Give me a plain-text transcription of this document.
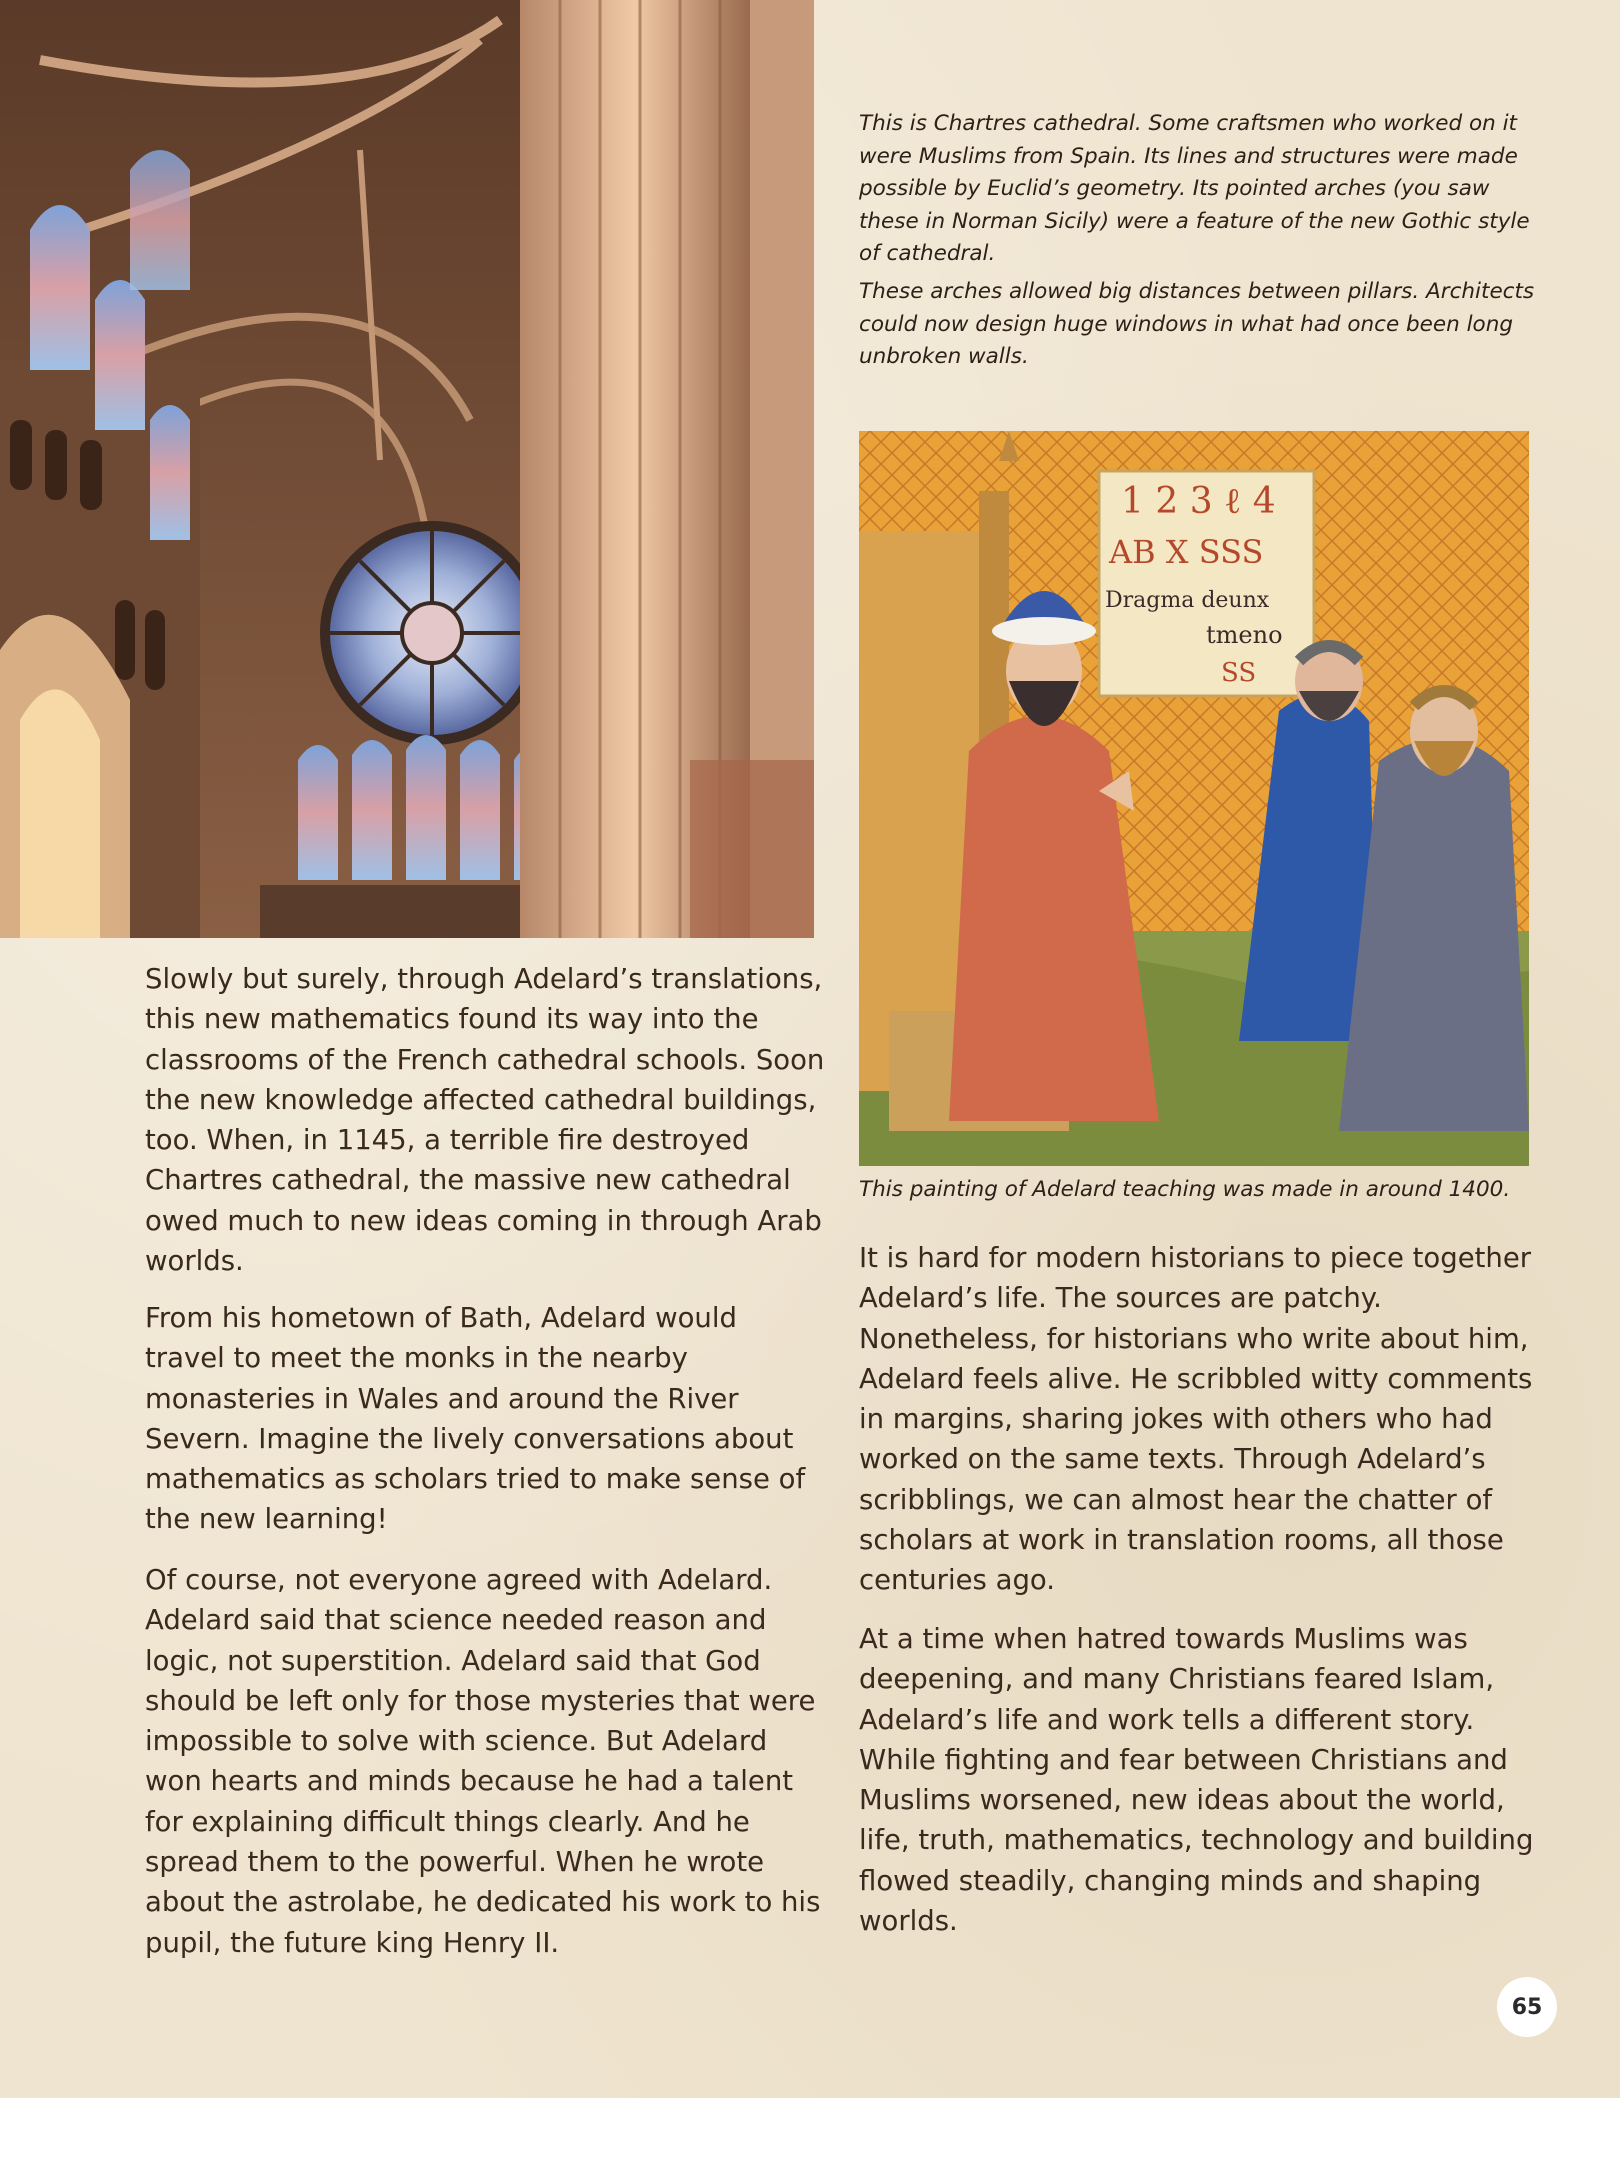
This is Chartres cathedral. Some craftsmen who worked on it were Muslims from Spain. Its lines and structures were made possible by Euclid’s geometry. Its pointed arches (you saw these in Norman Sicily) were a feature of the new Gothic style of cathedral.

These arches allowed big distances between pillars. Architects could now design huge windows in what had once been long unbroken walls.

1 2 3 ℓ 4
AB X SSS
Dragma deunx
tmeno
SS

This painting of Adelard teaching was made in around 1400.

Slowly but surely, through Adelard’s translations, this new mathematics found its way into the classrooms of the French cathedral schools. Soon the new knowledge affected cathedral buildings, too. When, in 1145, a terrible fire destroyed Chartres cathedral, the massive new cathedral owed much to new ideas coming in through Arab worlds.

From his hometown of Bath, Adelard would travel to meet the monks in the nearby monasteries in Wales and around the River Severn. Imagine the lively conversations about mathematics as scholars tried to make sense of the new learning!

Of course, not everyone agreed with Adelard. Adelard said that science needed reason and logic, not superstition. Adelard said that God should be left only for those mysteries that were impossible to solve with science. But Adelard won hearts and minds because he had a talent for explaining difficult things clearly. And he spread them to the powerful. When he wrote about the astrolabe, he dedicated his work to his pupil, the future king Henry II.

It is hard for modern historians to piece together Adelard’s life. The sources are patchy. Nonetheless, for historians who write about him, Adelard feels alive. He scribbled witty comments in margins, sharing jokes with others who had worked on the same texts. Through Adelard’s scribblings, we can almost hear the chatter of scholars at work in translation rooms, all those centuries ago.

At a time when hatred towards Muslims was deepening, and many Christians feared Islam, Adelard’s life and work tells a different story. While fighting and fear between Christians and Muslims worsened, new ideas about the world, life, truth, mathematics, technology and building flowed steadily, changing minds and shaping worlds.

65
